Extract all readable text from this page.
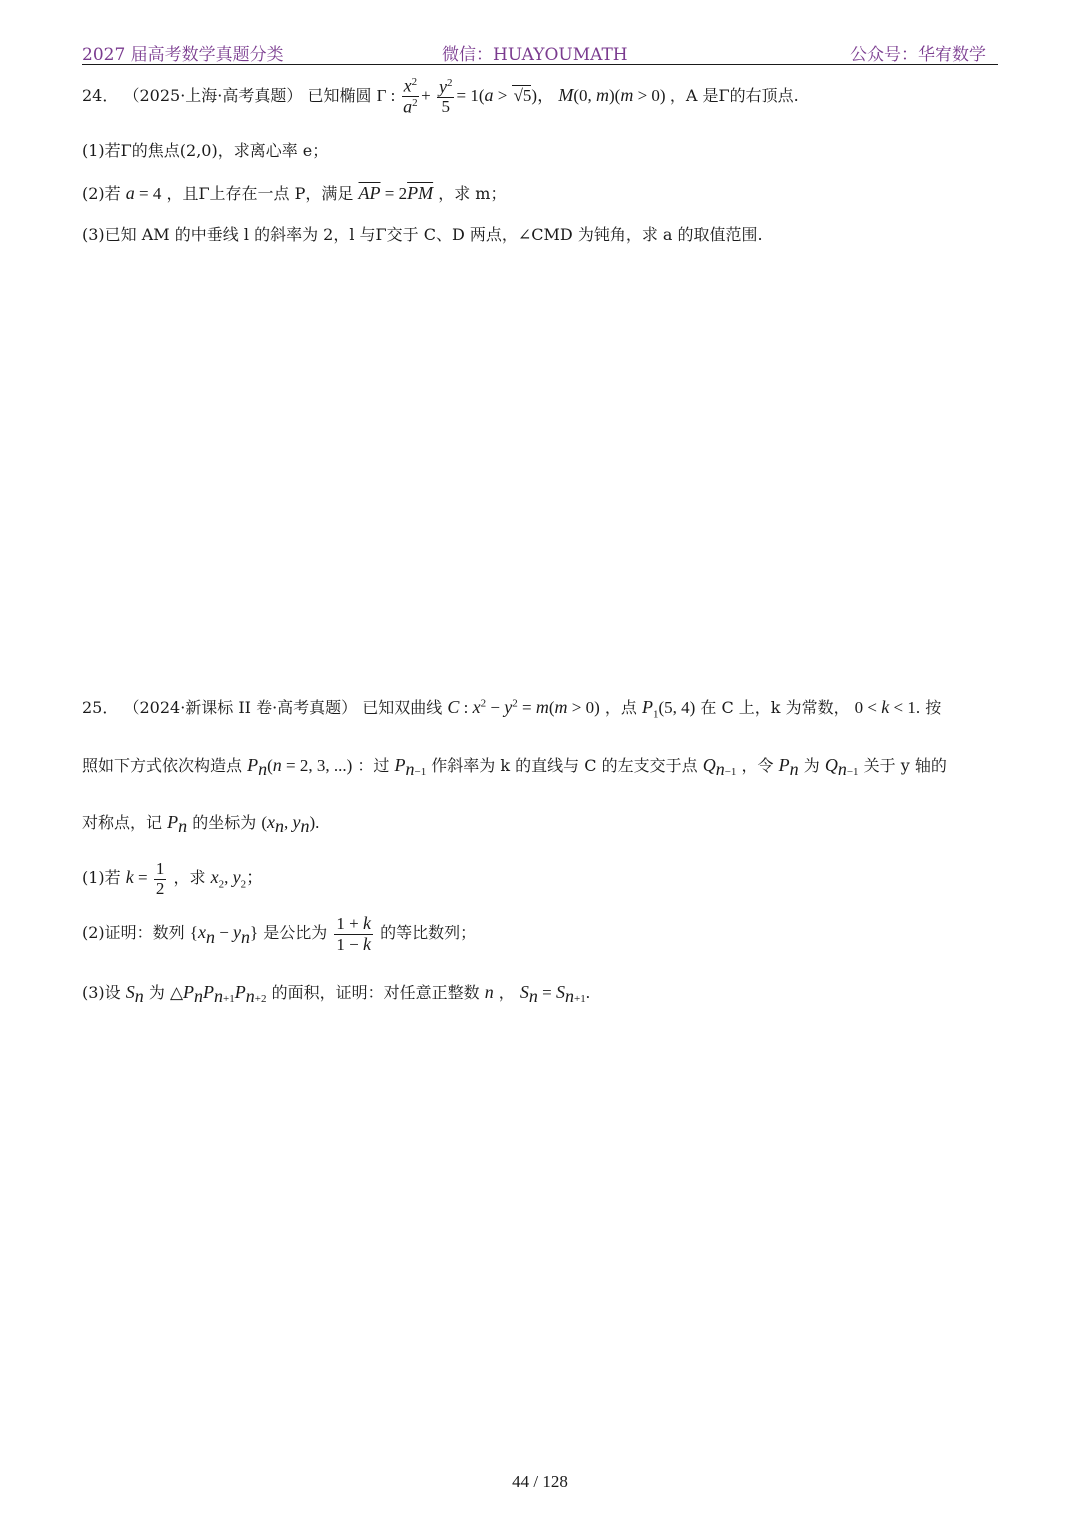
2027 届高考数学真题分类	微信：HUAYOUMATH	公众号：华宥数学
24． （2025·上海·高考真题） 已知椭圆 Γ : $\frac{x^2}{a^2} + \frac{y^2}{5} = 1(a > √5)$， M(0, m)(m > 0) ，A 是Γ的右顶点.
(1)若Γ的焦点(2,0)，求离心率 e；
(2)若 a = 4 ，且Γ上存在一点 P，满足 $\overline{AP} = 2\overline{PM}$ ，求 m；
(3)已知 AM 的中垂线 l 的斜率为 2，l 与Γ交于 C、D 两点，∠CMD 为钝角，求 a 的取值范围.
25． （2024·新课标 II 卷·高考真题） 已知双曲线 C : $x^2 - y^2 = m(m > 0)$ ，点 $P_1(5$, 4) 在 C 上，k 为常数， 0 < k < 1. 按
照如下方式依次构造点 $P_n(n = 2$, 3, ...) ：过 $P_{n-1}$ 作斜率为 k 的直线与 C 的左支交于点 $Q_{n-1}$ ，令 $P_n$ 为 $Q_{n-1}$ 关于 y 轴的
对称点，记 $P_n$ 的坐标为 ($x_n$, $y_n$).
(1)若 $k = \frac{1}{2}$ ，求 $x_2$, $y_2$；
(2)证明：数列 $\{x_n - y_n\}$ 是公比为 $\frac{1 + k}{1 - k}$ 的等比数列；
(3)设 $S_n$ 为 $\triangle P_nP_{n+1}P_{n+2}$ 的面积，证明：对任意正整数 n ， $S_n = S_{n+1}$.
44 / 128
